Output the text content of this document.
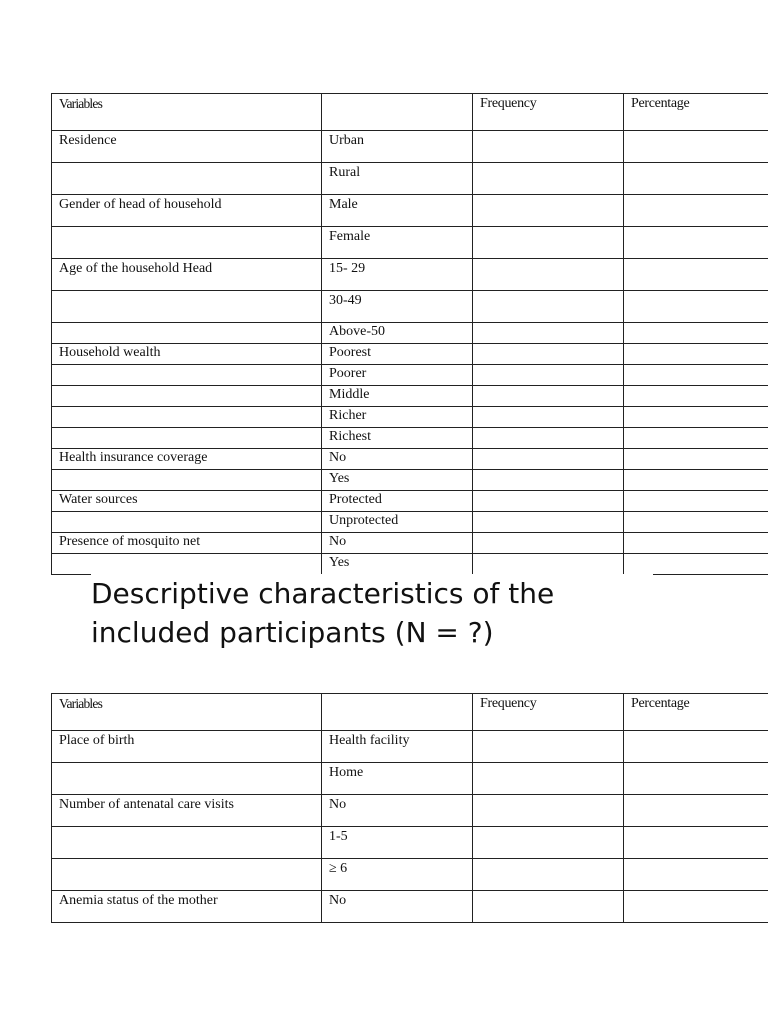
Variables		Frequency	Percentage
Residence	Urban		
	Rural		
Gender of head of household	Male		
	Female		
Age of the household Head	15- 29		
	30-49		
	Above-50		
Household wealth	Poorest		
	Poorer		
	Middle		
	Richer		
	Richest		
Health insurance coverage	No		
	Yes		
Water sources	Protected		
	Unprotected		
Presence of mosquito net	No		
	Yes		
Descriptive characteristics of the included participants (N = ?)
Variables		Frequency	Percentage
Place of birth	Health facility		
	Home		
Number of antenatal care visits	No		
	1-5		
	≥ 6		
Anemia status of the mother	No		
